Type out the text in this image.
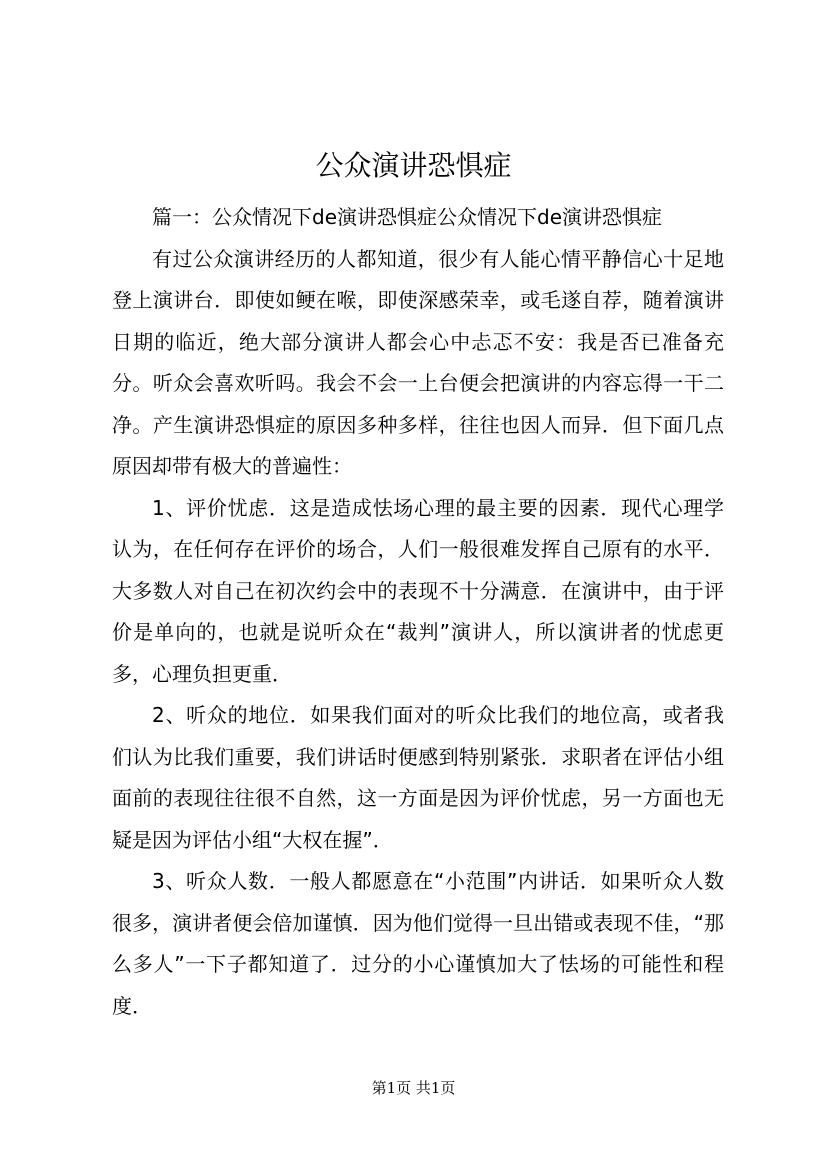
公众演讲恐惧症

篇一：公众情况下de演讲恐惧症公众情况下de演讲恐惧症

有过公众演讲经历的人都知道，很少有人能心情平静信心十足地登上演讲台．即使如鲠在喉，即使深感荣幸，或毛遂自荐，随着演讲日期的临近，绝大部分演讲人都会心中忐忑不安：我是否已准备充分。听众会喜欢听吗。我会不会一上台便会把演讲的内容忘得一干二净。产生演讲恐惧症的原因多种多样，往往也因人而异．但下面几点原因却带有极大的普遍性：

1、评价忧虑．这是造成怯场心理的最主要的因素．现代心理学认为，在任何存在评价的场合，人们一般很难发挥自己原有的水平．大多数人对自己在初次约会中的表现不十分满意．在演讲中，由于评价是单向的，也就是说听众在“裁判”演讲人，所以演讲者的忧虑更多，心理负担更重．

2、听众的地位．如果我们面对的听众比我们的地位高，或者我们认为比我们重要，我们讲话时便感到特别紧张．求职者在评估小组面前的表现往往很不自然，这一方面是因为评价忧虑，另一方面也无疑是因为评估小组“大权在握”．

3、听众人数．一般人都愿意在“小范围”内讲话．如果听众人数很多，演讲者便会倍加谨慎．因为他们觉得一旦出错或表现不佳，“那么多人”一下子都知道了．过分的小心谨慎加大了怯场的可能性和程度．

第1页 共1页
